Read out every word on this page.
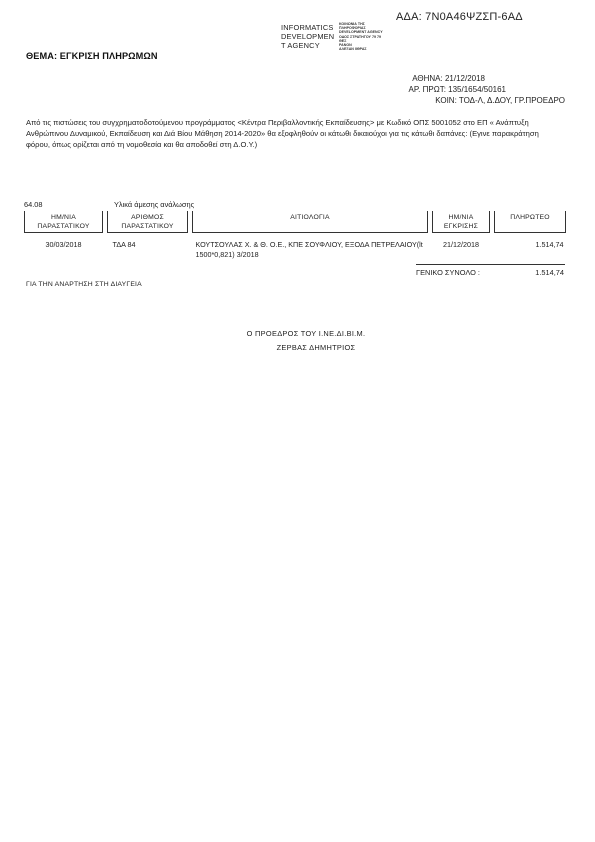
ΑΔΑ: 7Ν0Α46ΨΖΣΠ-6ΑΔ
INFORMATICS
DEVELOPMEN
T AGENCY
ΚΟΙΝΩΝΙΑ ΤΗΣ
ΠΛΗΡΟΦΟΡΙΑΣ
DEVELOPMENT AGENCY
ΟΔΟΣ ΣΤΡΑΤΗΓΟΥ 79 79
ΘΕΣ
ΡΑΝΟΝ
ΑΛΕΞΑΝ ΙΙΘΡΑΣ
ΘΕΜΑ: ΕΓΚΡΙΣΗ ΠΛΗΡΩΜΩΝ
ΑΘΗΝΑ: 21/12/2018
ΑΡ. ΠΡΩΤ: 135/1654/50161
ΚΟΙΝ: ΤΟΔ-Λ, Δ.ΔΟΥ, ΓΡ.ΠΡΟΕΔΡΟ
Από τις πιστώσεις του συγχρηματοδοτούμενου προγράμματος <Κέντρα Περιβαλλοντικής Εκπαίδευσης> με Κωδικό ΟΠΣ 5001052 στο ΕΠ « Ανάπτυξη Ανθρώπινου Δυναμικού, Εκπαίδευση και Διά Βίου Μάθηση 2014-2020» θα εξοφληθούν οι κάτωθι δικαιούχοι για τις κάτωθι δαπάνες: (Εγινε παρακράτηση φόρου, όπως ορίζεται από τη νομοθεσία και θα αποδοθεί στη Δ.Ο.Υ.)
64.08	Υλικά άμεσης ανάλωσης
ΗΜ/ΝΙΑ ΠΑΡΑΣΤΑΤΙΚΟΥ		ΑΡΙΘΜΟΣ ΠΑΡΑΣΤΑΤΙΚΟΥ		ΑΙΤΙΟΛΟΓΙΑ		ΗΜ/ΝΙΑ ΕΓΚΡΙΣΗΣ		ΠΛΗΡΩΤΕΟ
30/03/2018		ΤΔΑ 84		ΚΟΥΤΣΟΥΛΑΣ Χ. & Θ. Ο.Ε., ΚΠΕ ΣΟΥΦΛΙΟΥ, ΕΞΟΔΑ ΠΕΤΡΕΛΑΙΟΥ(lt 1500*0,821) 3/2018		21/12/2018		1.514,74
ΓΕΝΙΚΟ ΣΥΝΟΛΟ :	1.514,74
ΓΙΑ ΤΗΝ ΑΝΑΡΤΗΣΗ ΣΤΗ ΔΙΑΥΓΕΙΑ
Ο ΠΡΟΕΔΡΟΣ ΤΟΥ Ι.ΝΕ.ΔΙ.ΒΙ.Μ.
ΖΕΡΒΑΣ ΔΗΜΗΤΡΙΟΣ
